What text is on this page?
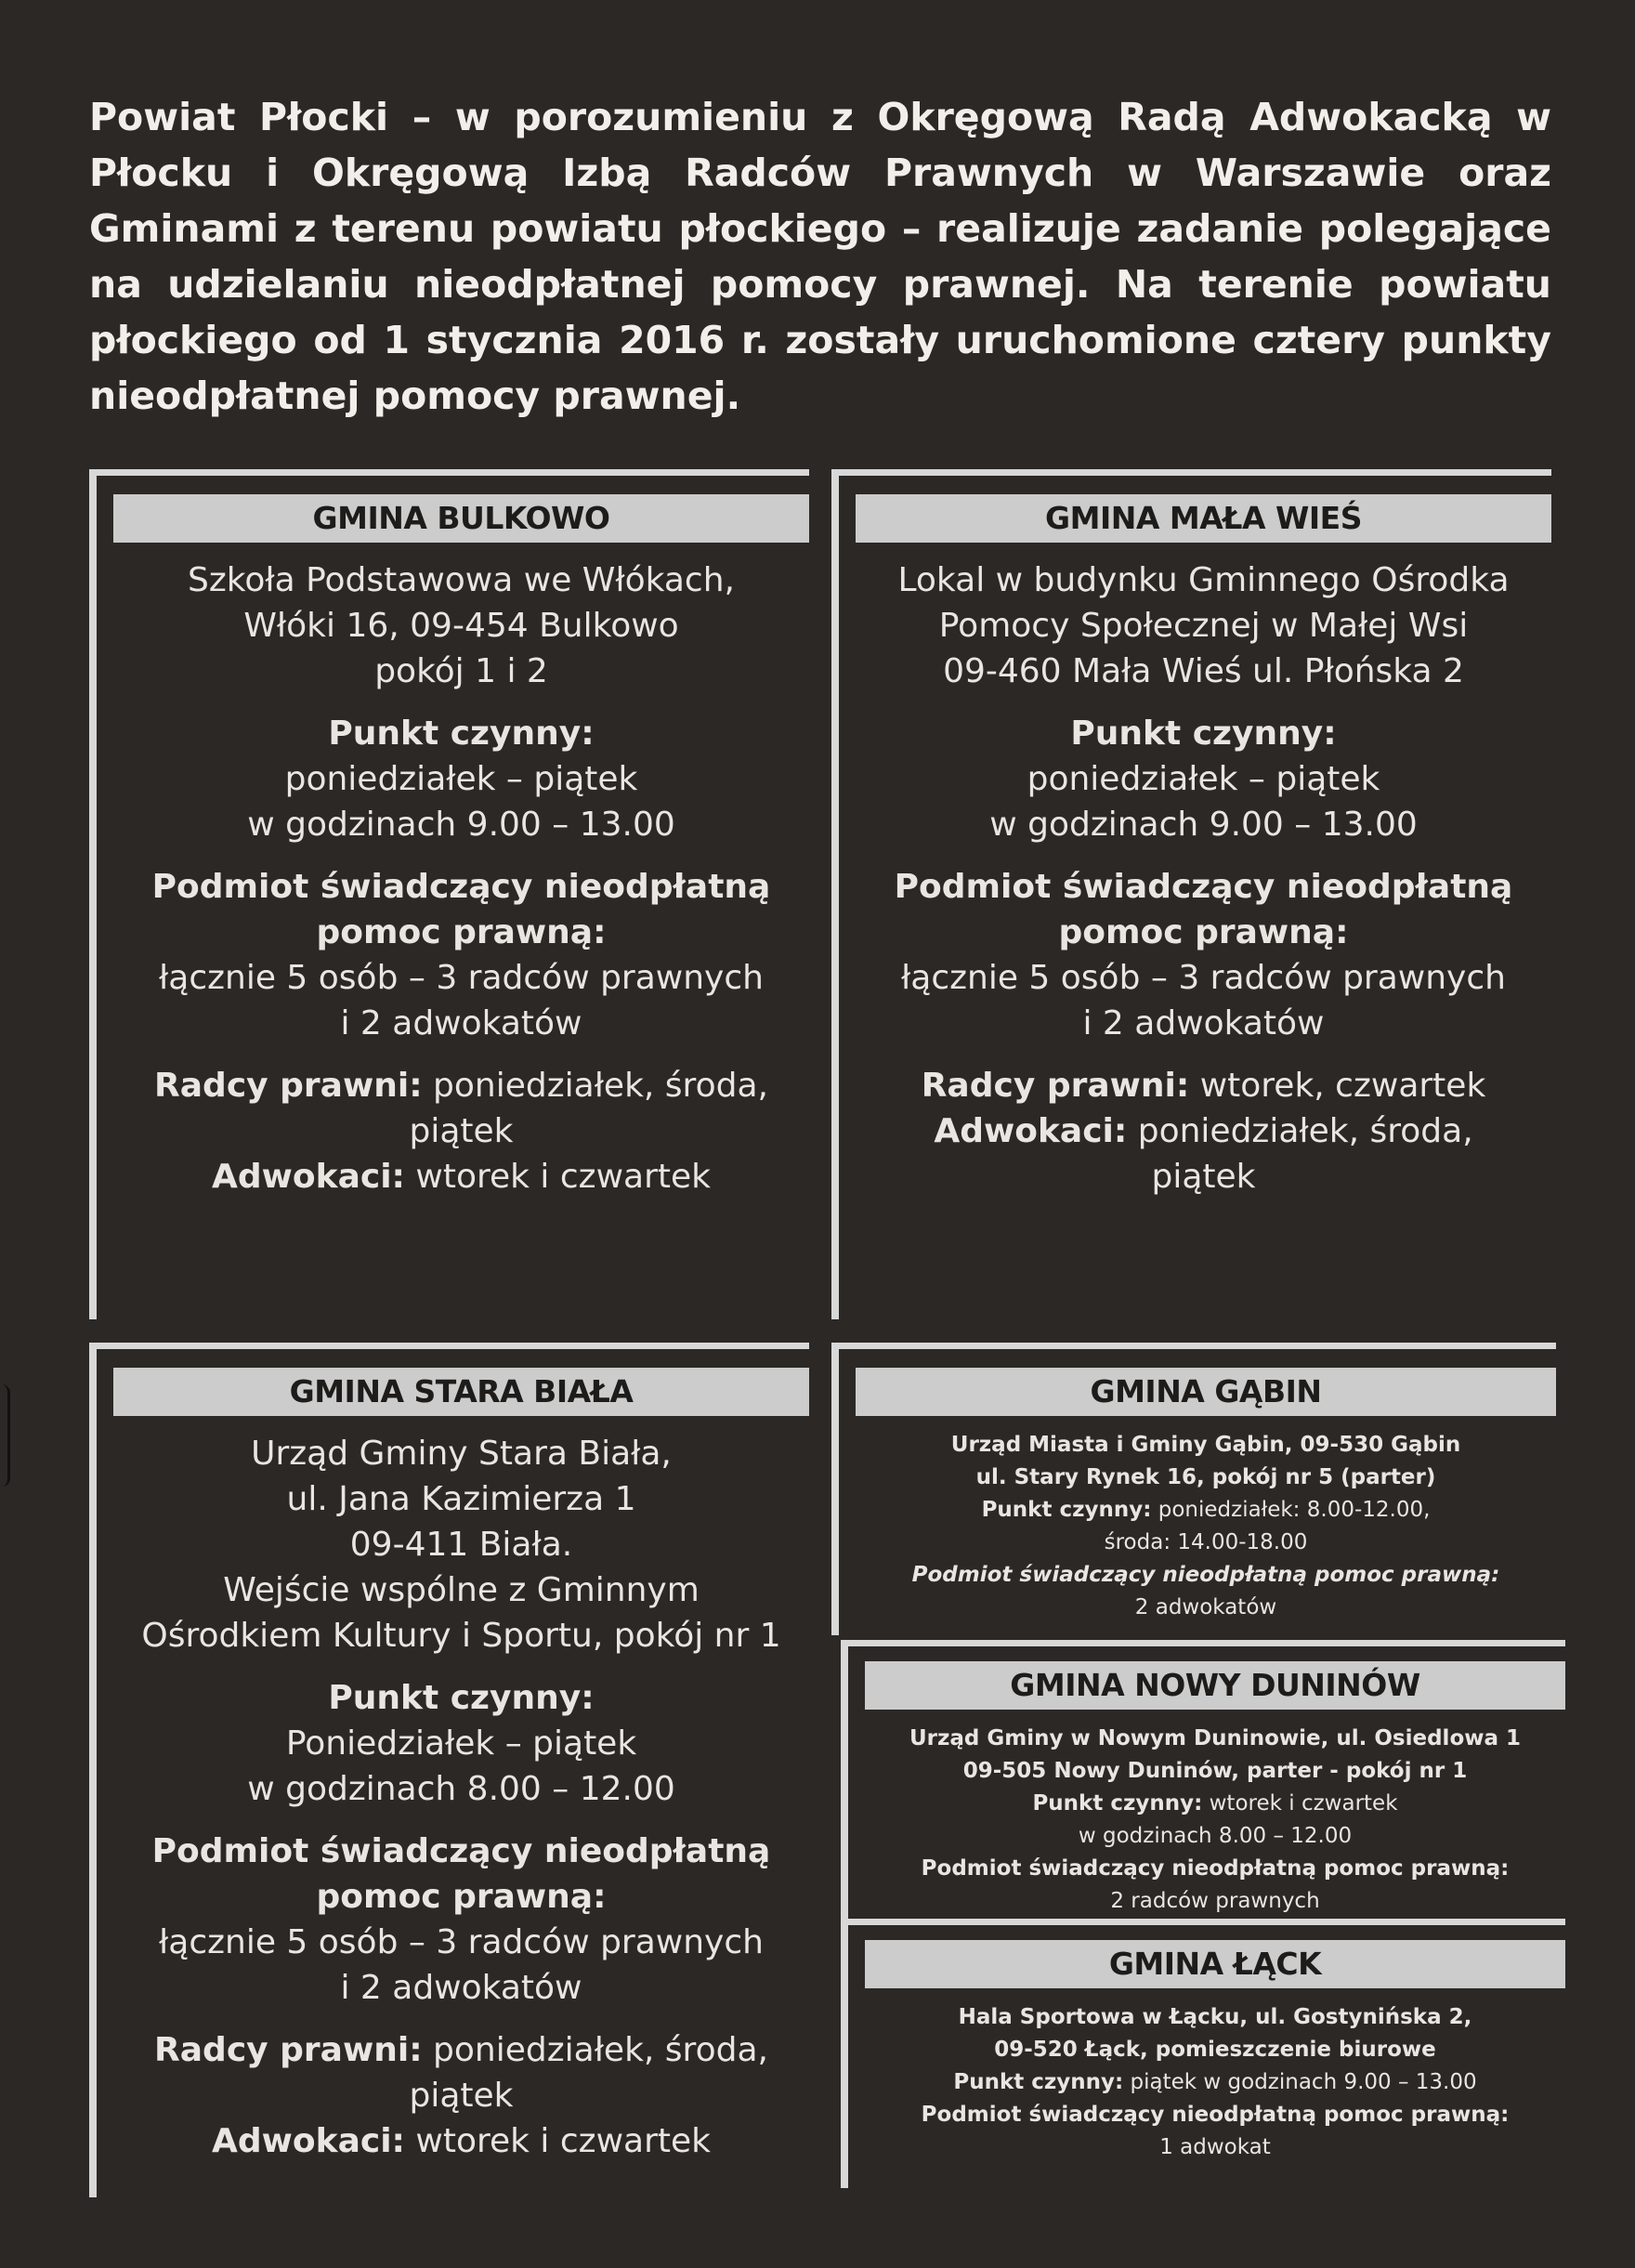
Powiat Płocki – w porozumieniu z Okręgową Radą Adwokacką w Płocku i Okręgową Izbą Radców Prawnych w Warszawie oraz Gminami z terenu powiatu płockiego – realizuje zadanie polegające na udzielaniu nieodpłatnej pomocy prawnej. Na terenie powiatu płockiego od 1 stycznia 2016 r. zostały uruchomione cztery punkty nieodpłatnej pomocy prawnej.

GMINA BULKOWO

Szkoła Podstawowa we Włókach,
Włóki 16, 09-454 Bulkowo
pokój 1 i 2

Punkt czynny:
poniedziałek – piątek
w godzinach 9.00 – 13.00

Podmiot świadczący nieodpłatną
pomoc prawną:
łącznie 5 osób – 3 radców prawnych
i 2 adwokatów

Radcy prawni: poniedziałek, środa,
piątek
Adwokaci: wtorek i czwartek

GMINA MAŁA WIEŚ

Lokal w budynku Gminnego Ośrodka
Pomocy Społecznej w Małej Wsi
09-460 Mała Wieś ul. Płońska 2

Punkt czynny:
poniedziałek – piątek
w godzinach 9.00 – 13.00

Podmiot świadczący nieodpłatną
pomoc prawną:
łącznie 5 osób – 3 radców prawnych
i 2 adwokatów

Radcy prawni: wtorek, czwartek
Adwokaci: poniedziałek, środa,
piątek

GMINA STARA BIAŁA

Urząd Gminy Stara Biała,
ul. Jana Kazimierza 1
09-411 Biała.
Wejście wspólne z Gminnym
Ośrodkiem Kultury i Sportu, pokój nr 1

Punkt czynny:
Poniedziałek – piątek
w godzinach 8.00 – 12.00

Podmiot świadczący nieodpłatną
pomoc prawną:
łącznie 5 osób – 3 radców prawnych
i 2 adwokatów

Radcy prawni: poniedziałek, środa,
piątek
Adwokaci: wtorek i czwartek

GMINA GĄBIN

Urząd Miasta i Gminy Gąbin, 09-530 Gąbin

ul. Stary Rynek 16, pokój nr 5 (parter)

Punkt czynny: poniedziałek: 8.00-12.00,

środa: 14.00-18.00

Podmiot świadczący nieodpłatną pomoc prawną:

2 adwokatów

GMINA NOWY DUNINÓW

Urząd Gminy w Nowym Duninowie, ul. Osiedlowa 1

09-505 Nowy Duninów, parter - pokój nr 1

Punkt czynny: wtorek i czwartek

w godzinach 8.00 – 12.00

Podmiot świadczący nieodpłatną pomoc prawną:

2 radców prawnych

GMINA ŁĄCK

Hala Sportowa w Łącku, ul. Gostynińska 2,

09-520 Łąck, pomieszczenie biurowe

Punkt czynny: piątek w godzinach 9.00 – 13.00

Podmiot świadczący nieodpłatną pomoc prawną:

1 adwokat
